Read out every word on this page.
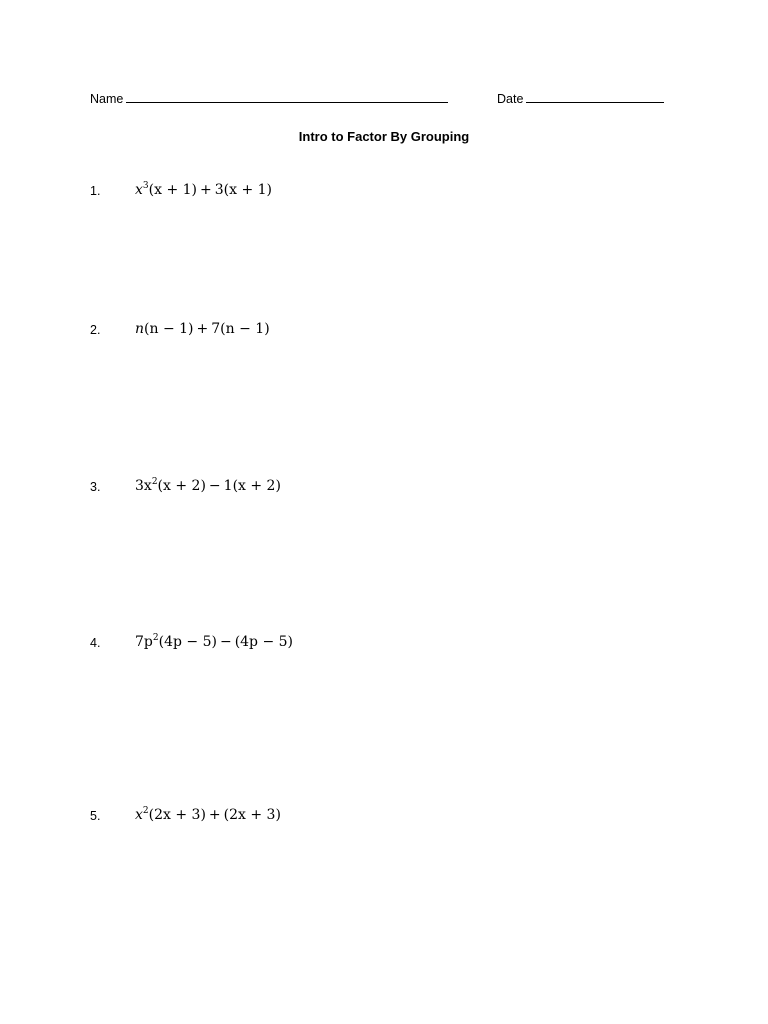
Name	Date
Intro to Factor By Grouping
1. $x^3(x + 1) + 3(x + 1)$
2. n(n − 1) + 7(n − 1)
3. $3x^2(x + 2) - 1(x + 2)$
4. $7p^2(4p - 5) - (4p - 5)$
5. $x^2(2x + 3) + (2x + 3)$
